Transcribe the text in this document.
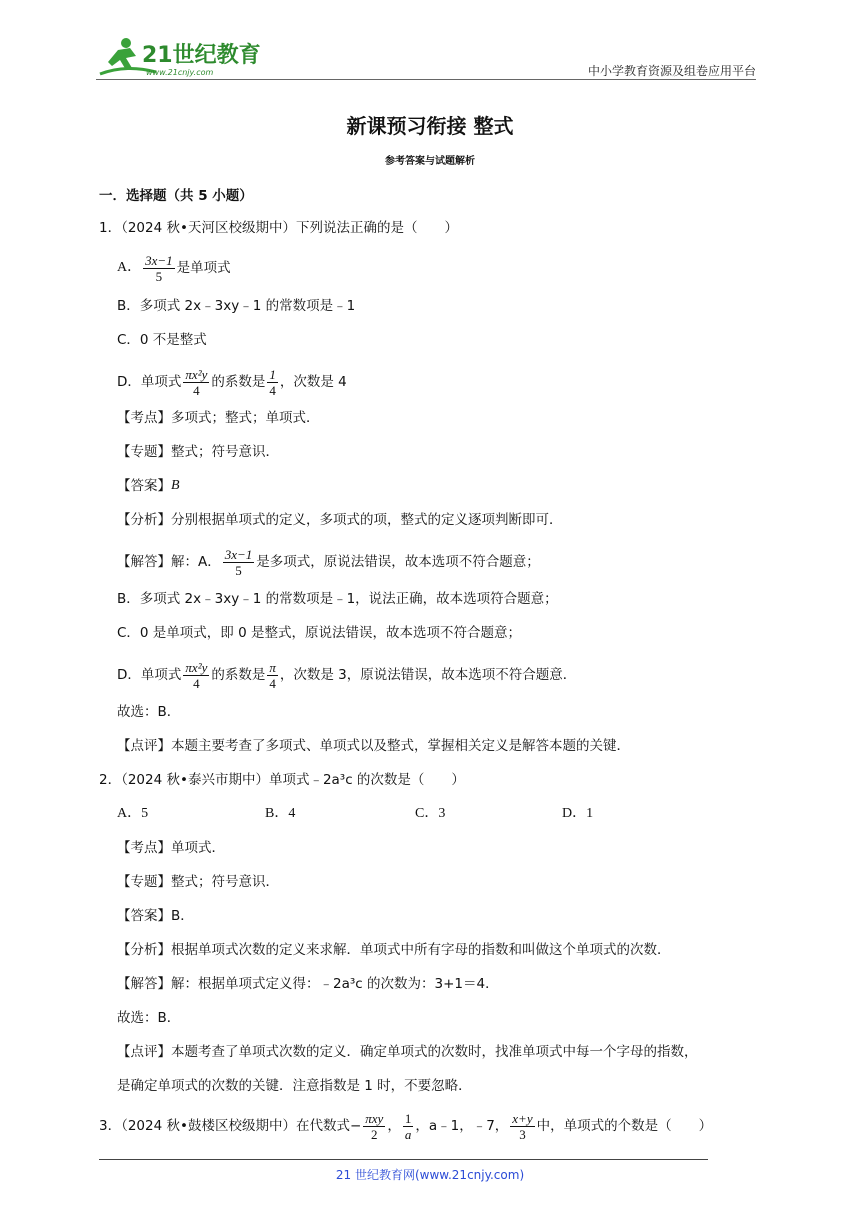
21世纪教育
www.21cnjy.com	中小学教育资源及组卷应用平台
新课预习衔接 整式
参考答案与试题解析
一．选择题（共 5 小题）
1．（2024 秋•天河区校级期中）下列说法正确的是（　　）
A． $\frac{3x-1}{5}$ 是单项式
B．多项式 2x﹣3xy﹣1 的常数项是﹣1
C．0 不是整式
D．单项式 $\frac{\text{πx²y}}{4}$ 的系数是 $\frac{1}{4}$ ，次数是 4
【考点】多项式；整式；单项式．
【专题】整式；符号意识．
【答案】 B
【分析】分别根据单项式的定义，多项式的项，整式的定义逐项判断即可．
【解答】解：A． $\frac{3x-1}{5}$ 是多项式，原说法错误，故本选项不符合题意；
B．多项式 2x﹣3xy﹣1 的常数项是﹣1，说法正确，故本选项符合题意；
C．0 是单项式，即 0 是整式，原说法错误，故本选项不符合题意；
D．单项式 $\frac{\text{πx²y}}{4}$ 的系数是 $\frac{\pi}{4}$ ，次数是 3，原说法错误，故本选项不符合题意．
故选：B．
【点评】本题主要考查了多项式、单项式以及整式，掌握相关定义是解答本题的关键．
2．（2024 秋•泰兴市期中）单项式﹣2a³c 的次数是（　　）
A．5	B．4	C．3	D．1
【考点】单项式．
【专题】整式；符号意识．
【答案】B．
【分析】根据单项式次数的定义来求解．单项式中所有字母的指数和叫做这个单项式的次数．
【解答】解：根据单项式定义得：﹣2a³c 的次数为：3+1＝4．
故选：B．
【点评】本题考查了单项式次数的定义．确定单项式的次数时，找准单项式中每一个字母的指数，
是确定单项式的次数的关键．注意指数是 1 时，不要忽略．
3．（2024 秋•鼓楼区校级期中）在代数式− $\frac{\text{πxy}}{2}$ ， $\frac{1}{a}$ ，a﹣1，﹣7， $\frac{x+y}{3}$ 中，单项式的个数是（　　）
21 世纪教育网(www.21cnjy.com)
